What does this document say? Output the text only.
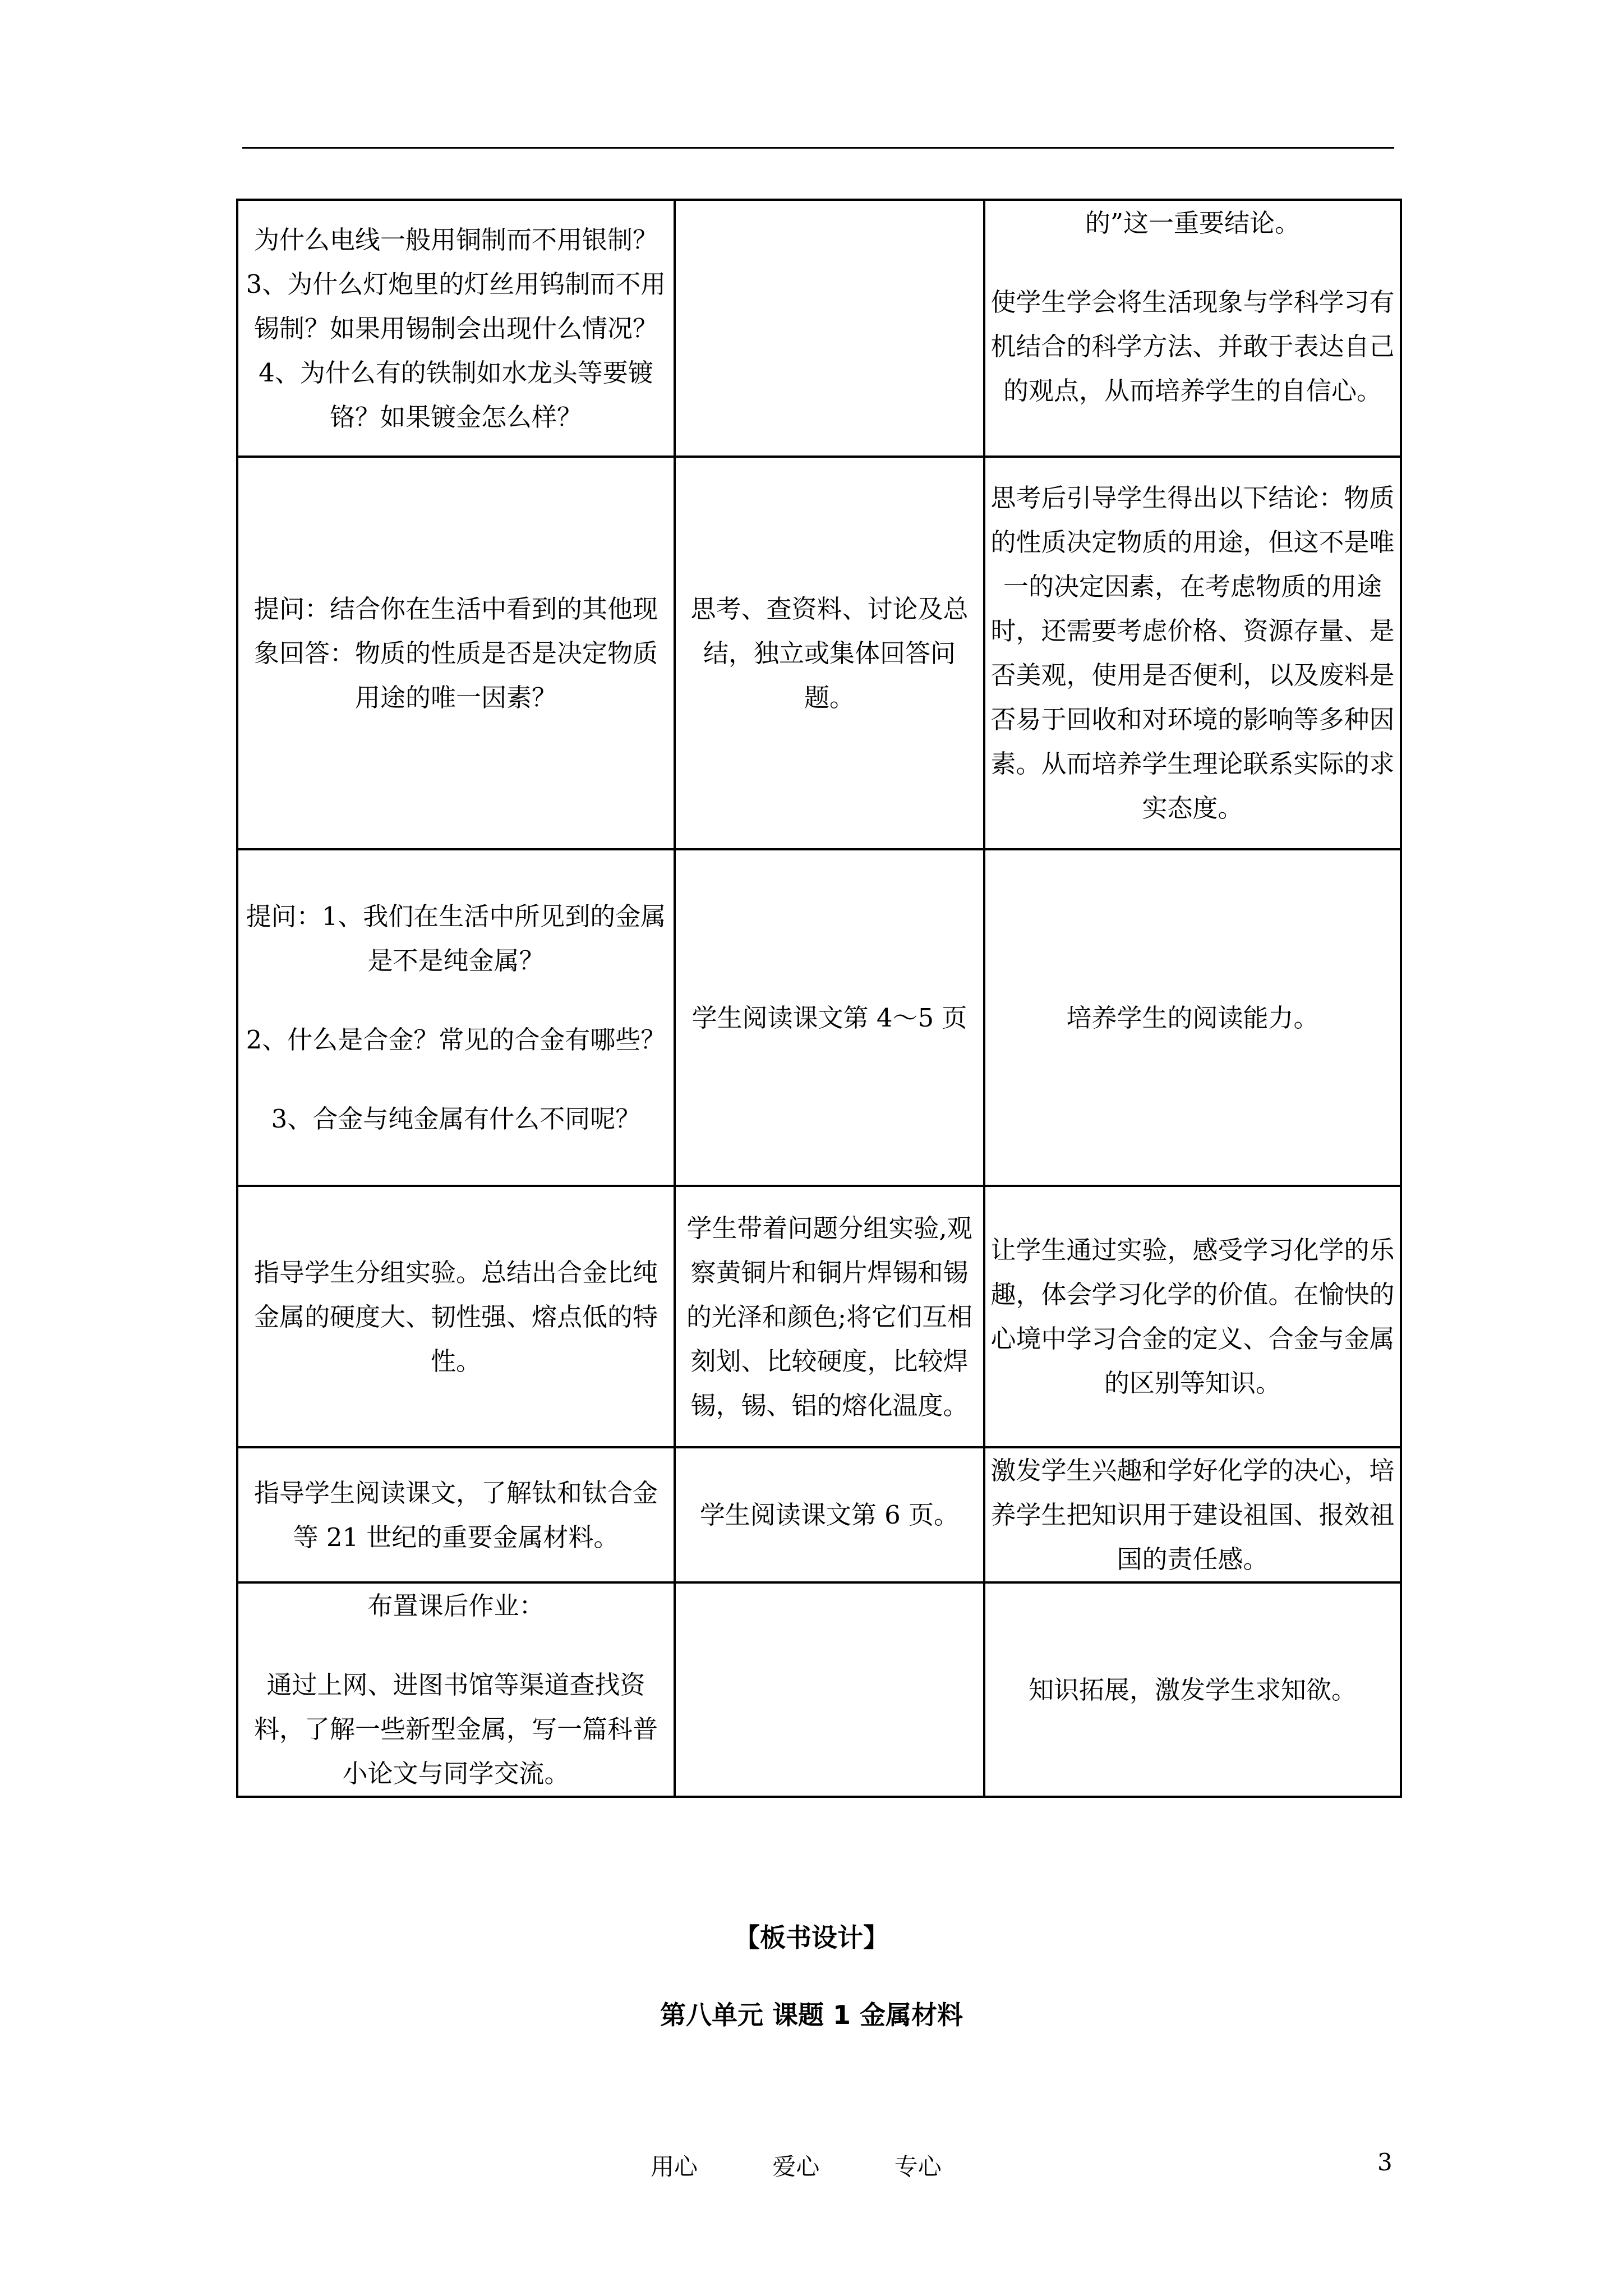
为什么电线一般用铜制而不用银制？3、为什么灯炮里的灯丝用钨制而不用锡制？如果用锡制会出现什么情况？4、为什么有的铁制如水龙头等要镀铬？如果镀金怎么样？		的”这一重要结论。
使学生学会将生活现象与学科学习有机结合的科学方法、并敢于表达自己的观点，从而培养学生的自信心。

提问：结合你在生活中看到的其他现象回答：物质的性质是否是决定物质用途的唯一因素？	思考、查资料、讨论及总结，独立或集体回答问题。	思考后引导学生得出以下结论：物质的性质决定物质的用途，但这不是唯一的决定因素，在考虑物质的用途时，还需要考虑价格、资源存量、是否美观，使用是否便利，以及废料是否易于回收和对环境的影响等多种因素。从而培养学生理论联系实际的求实态度。

提问：1、我们在生活中所见到的金属是不是纯金属？
2、什么是合金？常见的合金有哪些？
3、合金与纯金属有什么不同呢？	学生阅读课文第 4～5 页	培养学生的阅读能力。

指导学生分组实验。总结出合金比纯金属的硬度大、韧性强、熔点低的特性。	学生带着问题分组实验,观察黄铜片和铜片焊锡和锡的光泽和颜色;将它们互相刻划、比较硬度，比较焊锡，锡、铝的熔化温度。	让学生通过实验，感受学习化学的乐趣，体会学习化学的价值。在愉快的心境中学习合金的定义、合金与金属的区别等知识。

指导学生阅读课文，了解钛和钛合金等 21 世纪的重要金属材料。	学生阅读课文第 6 页。	激发学生兴趣和学好化学的决心，培养学生把知识用于建设祖国、报效祖国的责任感。

布置课后作业：
通过上网、进图书馆等渠道查找资料，了解一些新型金属，写一篇科普小论文与同学交流。		知识拓展，激发学生求知欲。
【板书设计】
第八单元 课题 1 金属材料
用心	爱心	专心	3
